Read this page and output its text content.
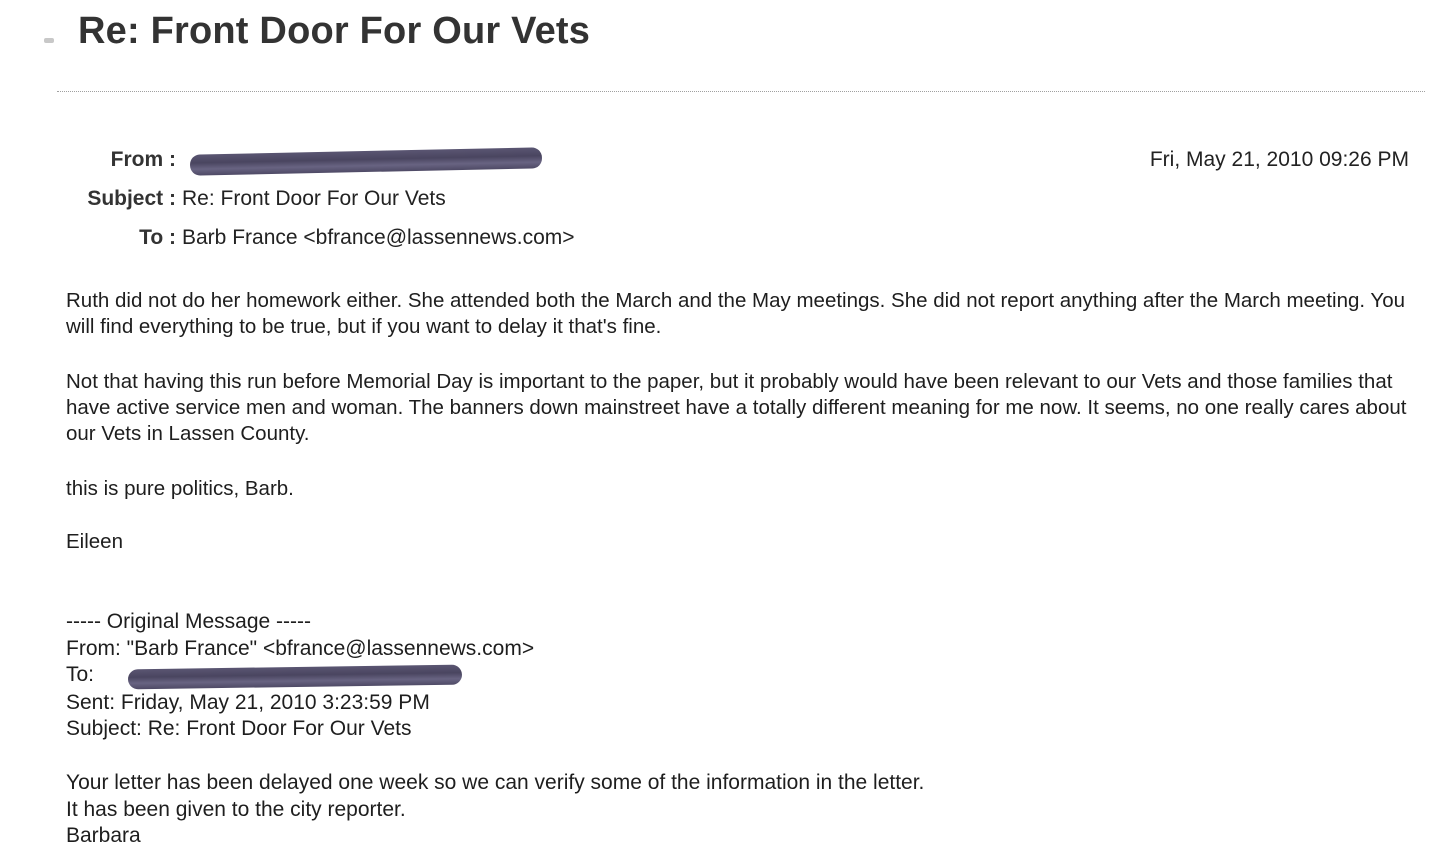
Re: Front Door For Our Vets
From :	Fri, May 21, 2010 09:26 PM
Subject : Re: Front Door For Our Vets
To : Barb France <bfrance@lassennews.com>

Ruth did not do her homework either. She attended both the March and the May meetings. She did not report anything after the March meeting. You will find everything to be true, but if you want to delay it that's fine.

Not that having this run before Memorial Day is important to the paper, but it probably would have been relevant to our Vets and those families that have active service men and woman. The banners down mainstreet have a totally different meaning for me now. It seems, no one really cares about our Vets in Lassen County.

this is pure politics, Barb.

Eileen

----- Original Message -----
From: "Barb France" <bfrance@lassennews.com>
To:
Sent: Friday, May 21, 2010 3:23:59 PM
Subject: Re: Front Door For Our Vets
Your letter has been delayed one week so we can verify some of the information in the letter.
It has been given to the city reporter.
Barbara
